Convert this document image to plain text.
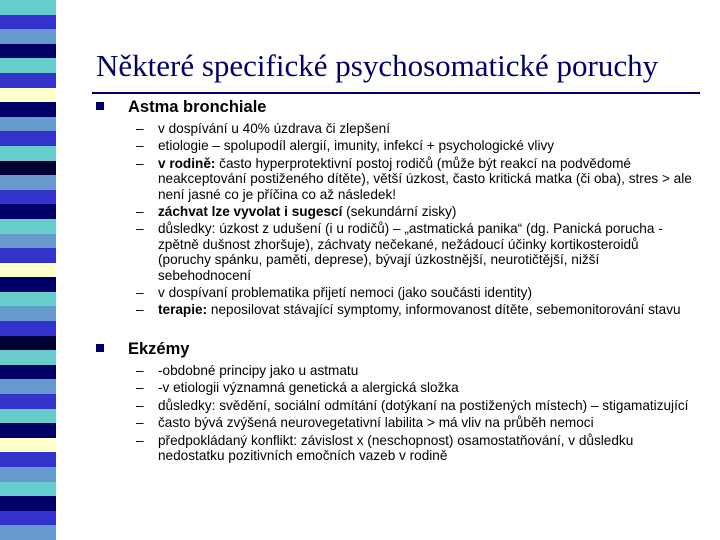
Některé specifické psychosomatické poruchy
Astma bronchiale
– v dospívání u 40% úzdrava či zlepšení
– etiologie – spolupodíl alergií, imunity, infekcí + psychologické vlivy
– v rodině: často hyperprotektivní postoj rodičů (může být reakcí na podvědomé neakceptování postiženého dítěte), větší úzkost, často kritická matka (či oba), stres > ale není jasné co je příčina co až následek!
– záchvat lze vyvolat i sugescí (sekundární zisky)
– důsledky: úzkost z udušení (i u rodičů) – „astmatická panika“ (dg. Panická porucha - zpětně dušnost zhoršuje), záchvaty nečekané, nežádoucí účinky kortikosteroidů (poruchy spánku, paměti, deprese), bývají úzkostnější, neurotičtější, nižší sebehodnocení
– v dospívaní problematika přijetí nemoci (jako součásti identity)
– terapie: neposilovat stávající symptomy, informovanost dítěte, sebemonitorování stavu
Ekzémy
– -obdobné principy jako u astmatu
– -v etiologii významná genetická a alergická složka
– důsledky: svědění, sociální odmítání (dotýkaní na postižených místech) – stigamatizující
– často bývá zvýšená neurovegetativní labilita > má vliv na průběh nemoci
– předpokládaný konflikt: závislost x (neschopnost) osamostatňování, v důsledku nedostatku pozitivních emočních vazeb v rodině
